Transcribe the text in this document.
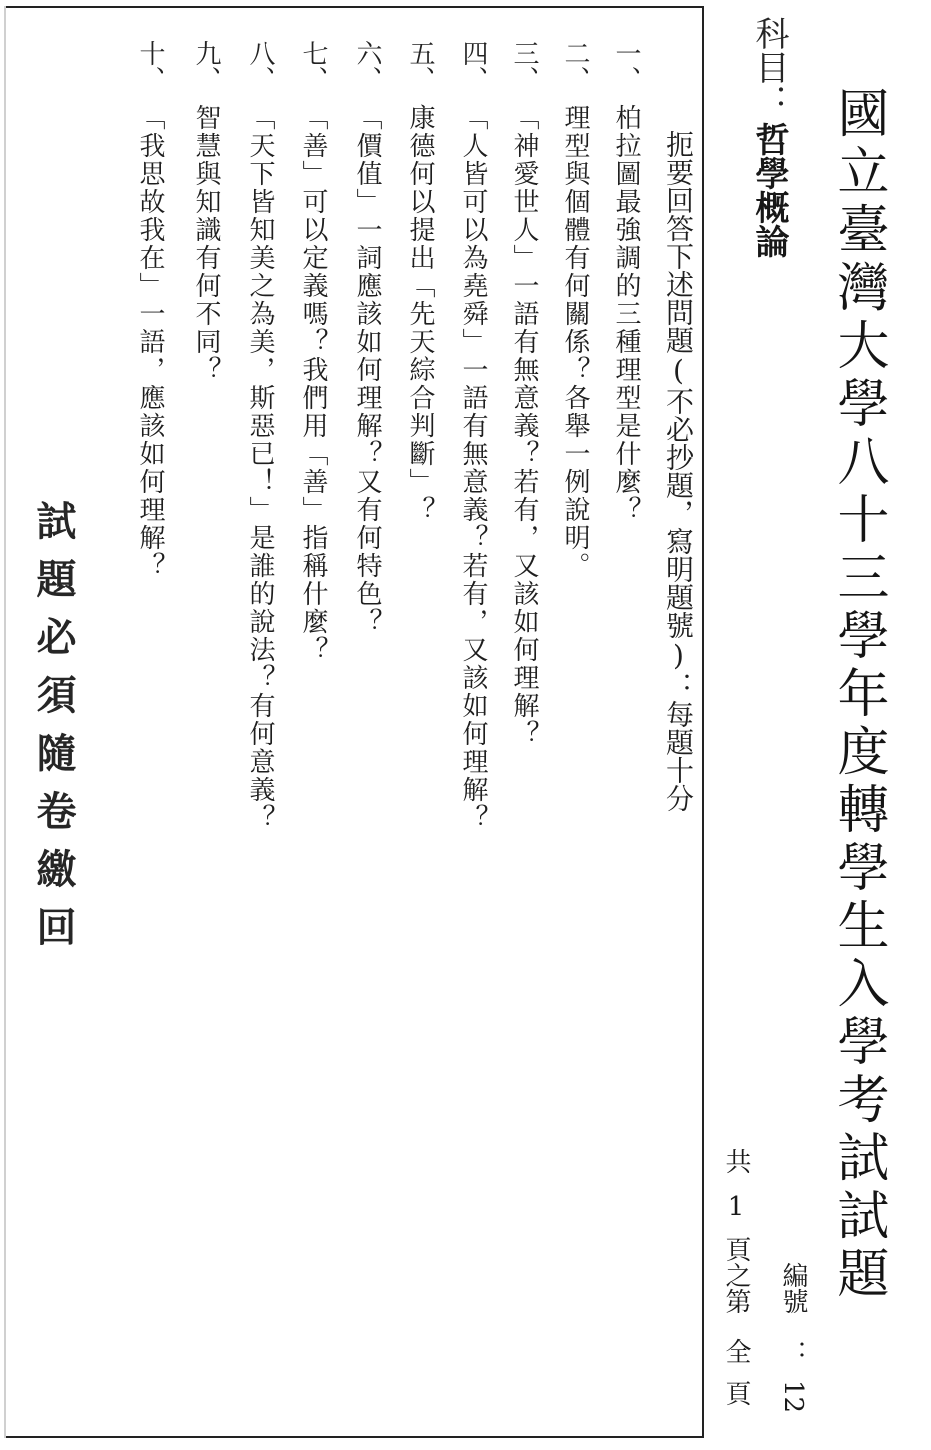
國立臺灣大學八十三學年度轉學生入學考試試題
科目：
哲學概論
扼要回答下述問題(不必抄題，寫明題號)：每題十分
一、
柏拉圖最強調的三種理型是什麼？
二、
理型與個體有何關係？各舉一例說明。
三、
「神愛世人」一語有無意義？若有，又該如何理解？
四、
「人皆可以為堯舜」一語有無意義？若有，又該如何理解？
五、
康德何以提出「先天綜合判斷」？
六、
「價值」一詞應該如何理解？又有何特色？
七、
「善」可以定義嗎？我們用「善」指稱什麼？
八、
「天下皆知美之為美，斯惡已！」是誰的說法？有何意義？
九、
智慧與知識有何不同？
十、
「我思故我在」一語，應該如何理解？
試題必須隨卷繳回
共
1
頁之第
全
頁
編號
：
12
